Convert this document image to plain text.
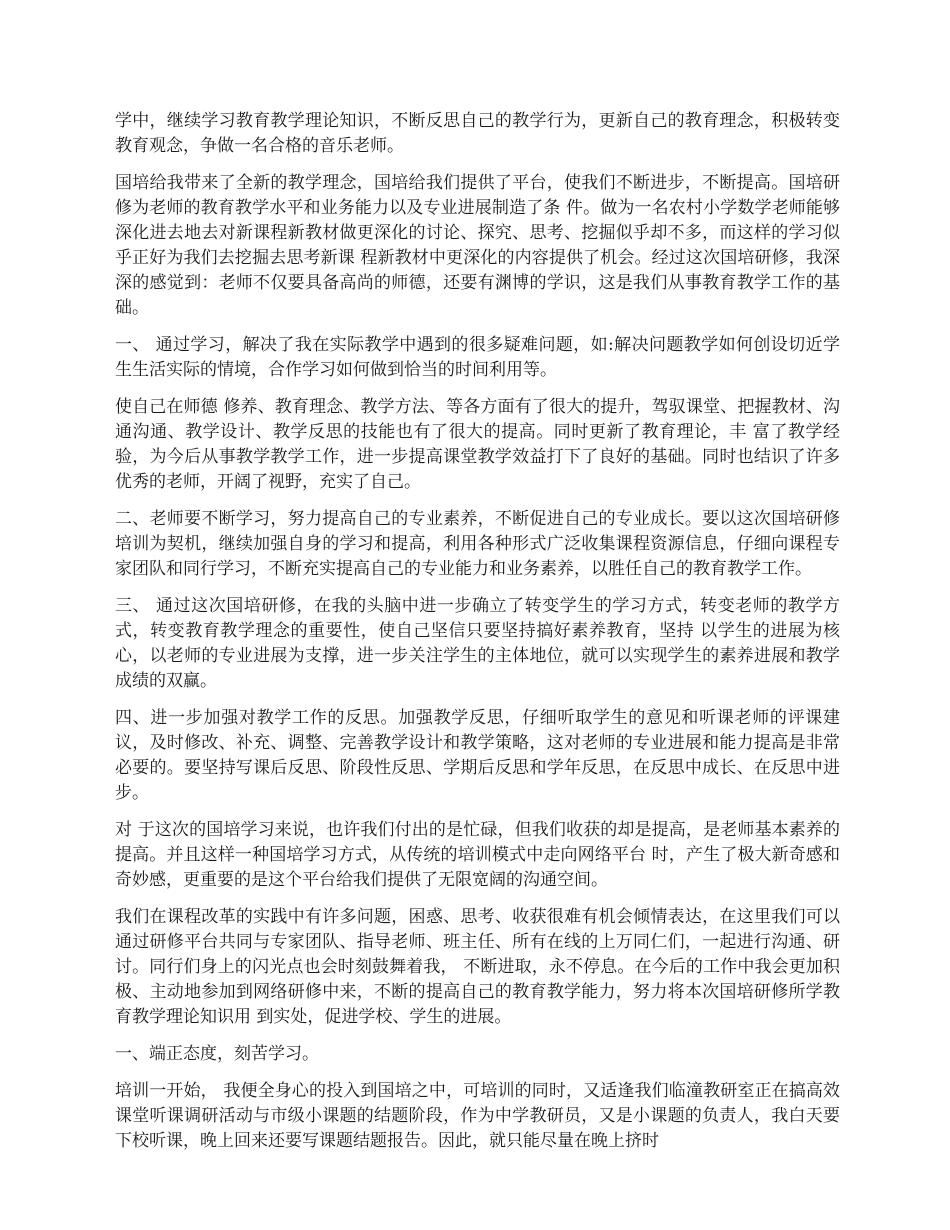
学中，继续学习教育教学理论知识，不断反思自己的教学行为，更新自己的教育理念，积极转变教育观念，争做一名合格的音乐老师。

国培给我带来了全新的教学理念，国培给我们提供了平台，使我们不断进步，不断提高。国培研修为老师的教育教学水平和业务能力以及专业进展制造了条 件。做为一名农村小学数学老师能够深化进去地去对新课程新教材做更深化的讨论、探究、思考、挖掘似乎却不多，而这样的学习似乎正好为我们去挖掘去思考新课 程新教材中更深化的内容提供了机会。经过这次国培研修，我深深的感觉到：老师不仅要具备高尚的师德，还要有渊博的学识，这是我们从事教育教学工作的基础。

一、 通过学习，解决了我在实际教学中遇到的很多疑难问题，如:解决问题教学如何创设切近学生生活实际的情境，合作学习如何做到恰当的时间利用等。

使自己在师德 修养、教育理念、教学方法、等各方面有了很大的提升，驾驭课堂、把握教材、沟通沟通、教学设计、教学反思的技能也有了很大的提高。同时更新了教育理论，丰 富了教学经验，为今后从事教学教学工作，进一步提高课堂教学效益打下了良好的基础。同时也结识了许多优秀的老师，开阔了视野，充实了自己。

二、老师要不断学习，努力提高自己的专业素养，不断促进自己的专业成长。要以这次国培研修培训为契机，继续加强自身的学习和提高，利用各种形式广泛收集课程资源信息，仔细向课程专家团队和同行学习，不断充实提高自己的专业能力和业务素养，以胜任自己的教育教学工作。

三、 通过这次国培研修，在我的头脑中进一步确立了转变学生的学习方式，转变老师的教学方式，转变教育教学理念的重要性，使自己坚信只要坚持搞好素养教育，坚持 以学生的进展为核心，以老师的专业进展为支撑，进一步关注学生的主体地位，就可以实现学生的素养进展和教学成绩的双赢。

四、进一步加强对教学工作的反思。加强教学反思，仔细听取学生的意见和听课老师的评课建议，及时修改、补充、调整、完善教学设计和教学策略，这对老师的专业进展和能力提高是非常必要的。要坚持写课后反思、阶段性反思、学期后反思和学年反思，在反思中成长、在反思中进步。

对 于这次的国培学习来说，也许我们付出的是忙碌，但我们收获的却是提高，是老师基本素养的提高。并且这样一种国培学习方式，从传统的培训模式中走向网络平台 时，产生了极大新奇感和奇妙感，更重要的是这个平台给我们提供了无限宽阔的沟通空间。

我们在课程改革的实践中有许多问题，困惑、思考、收获很难有机会倾情表达，在这里我们可以通过研修平台共同与专家团队、指导老师、班主任、所有在线的上万同仁们，一起进行沟通、研讨。同行们身上的闪光点也会时刻鼓舞着我， 不断进取，永不停息。在今后的工作中我会更加积极、主动地参加到网络研修中来，不断的提高自己的教育教学能力，努力将本次国培研修所学教育教学理论知识用 到实处，促进学校、学生的进展。

一、端正态度，刻苦学习。

培训一开始， 我便全身心的投入到国培之中，可培训的同时，又适逢我们临潼教研室正在搞高效课堂听课调研活动与市级小课题的结题阶段，作为中学教研员，又是小课题的负责人，我白天要下校听课，晚上回来还要写课题结题报告。因此，就只能尽量在晚上挤时
